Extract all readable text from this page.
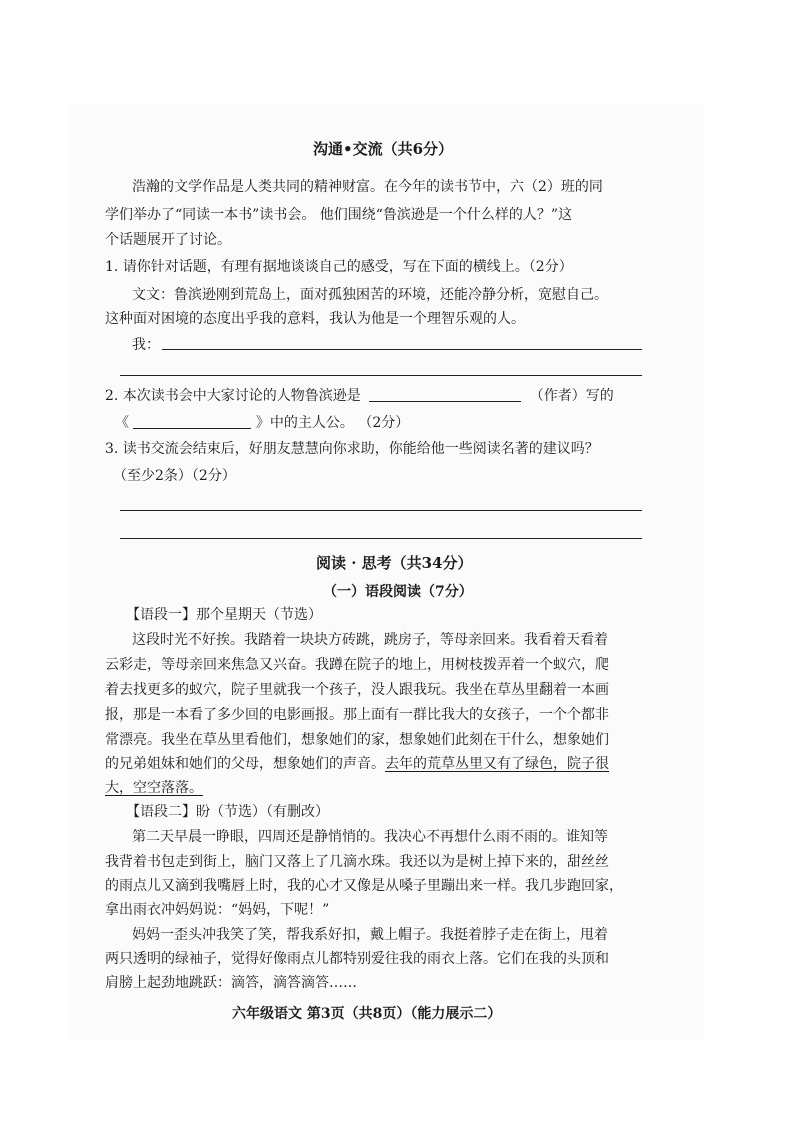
沟通•交流（共6分）
浩瀚的文学作品是人类共同的精神财富。在今年的读书节中，六（2）班的同
学们举办了“同读一本书”读书会。 他们围绕“鲁滨逊是一个什么样的人？”这
个话题展开了讨论。
1. 请你针对话题，有理有据地谈谈自己的感受，写在下面的横线上。（2分）
文文：鲁滨逊刚到荒岛上，面对孤独困苦的环境，还能冷静分析，宽慰自己。
这种面对困境的态度出乎我的意料，我认为他是一个理智乐观的人。
我：
2. 本次读书会中大家讨论的人物鲁滨逊是	（作者）写的
《	》中的主人公。 （2分）
3. 读书交流会结束后，好朋友慧慧向你求助，你能给他一些阅读名著的建议吗？
（至少2条）（2分）
阅读 · 思考（共34分）
（一）语段阅读（7分）
【语段一】那个星期天（节选）
这段时光不好挨。我踏着一块块方砖跳，跳房子，等母亲回来。我看着天看着
云彩走，等母亲回来焦急又兴奋。我蹲在院子的地上，用树枝拨弄着一个蚁穴，爬
着去找更多的蚁穴，院子里就我一个孩子，没人跟我玩。我坐在草丛里翻着一本画
报，那是一本看了多少回的电影画报。那上面有一群比我大的女孩子，一个个都非
常漂亮。我坐在草丛里看他们，想象她们的家，想象她们此刻在干什么，想象她们
的兄弟姐妹和她们的父母，想象她们的声音。去年的荒草丛里又有了绿色，院子很
大，空空落落。
【语段二】盼（节选）（有删改）
第二天早晨一睁眼，四周还是静悄悄的。我决心不再想什么雨不雨的。谁知等
我背着书包走到街上，脑门又落上了几滴水珠。我还以为是树上掉下来的，甜丝丝
的雨点儿又滴到我嘴唇上时，我的心才又像是从嗓子里蹦出来一样。我几步跑回家，
拿出雨衣冲妈妈说：“妈妈，下呢！”
妈妈一歪头冲我笑了笑，帮我系好扣，戴上帽子。我挺着脖子走在街上，甩着
两只透明的绿袖子，觉得好像雨点儿都特别爱往我的雨衣上落。它们在我的头顶和
肩膀上起劲地跳跃：滴答，滴答滴答……
六年级语文 第3页（共8页）（能力展示二）
